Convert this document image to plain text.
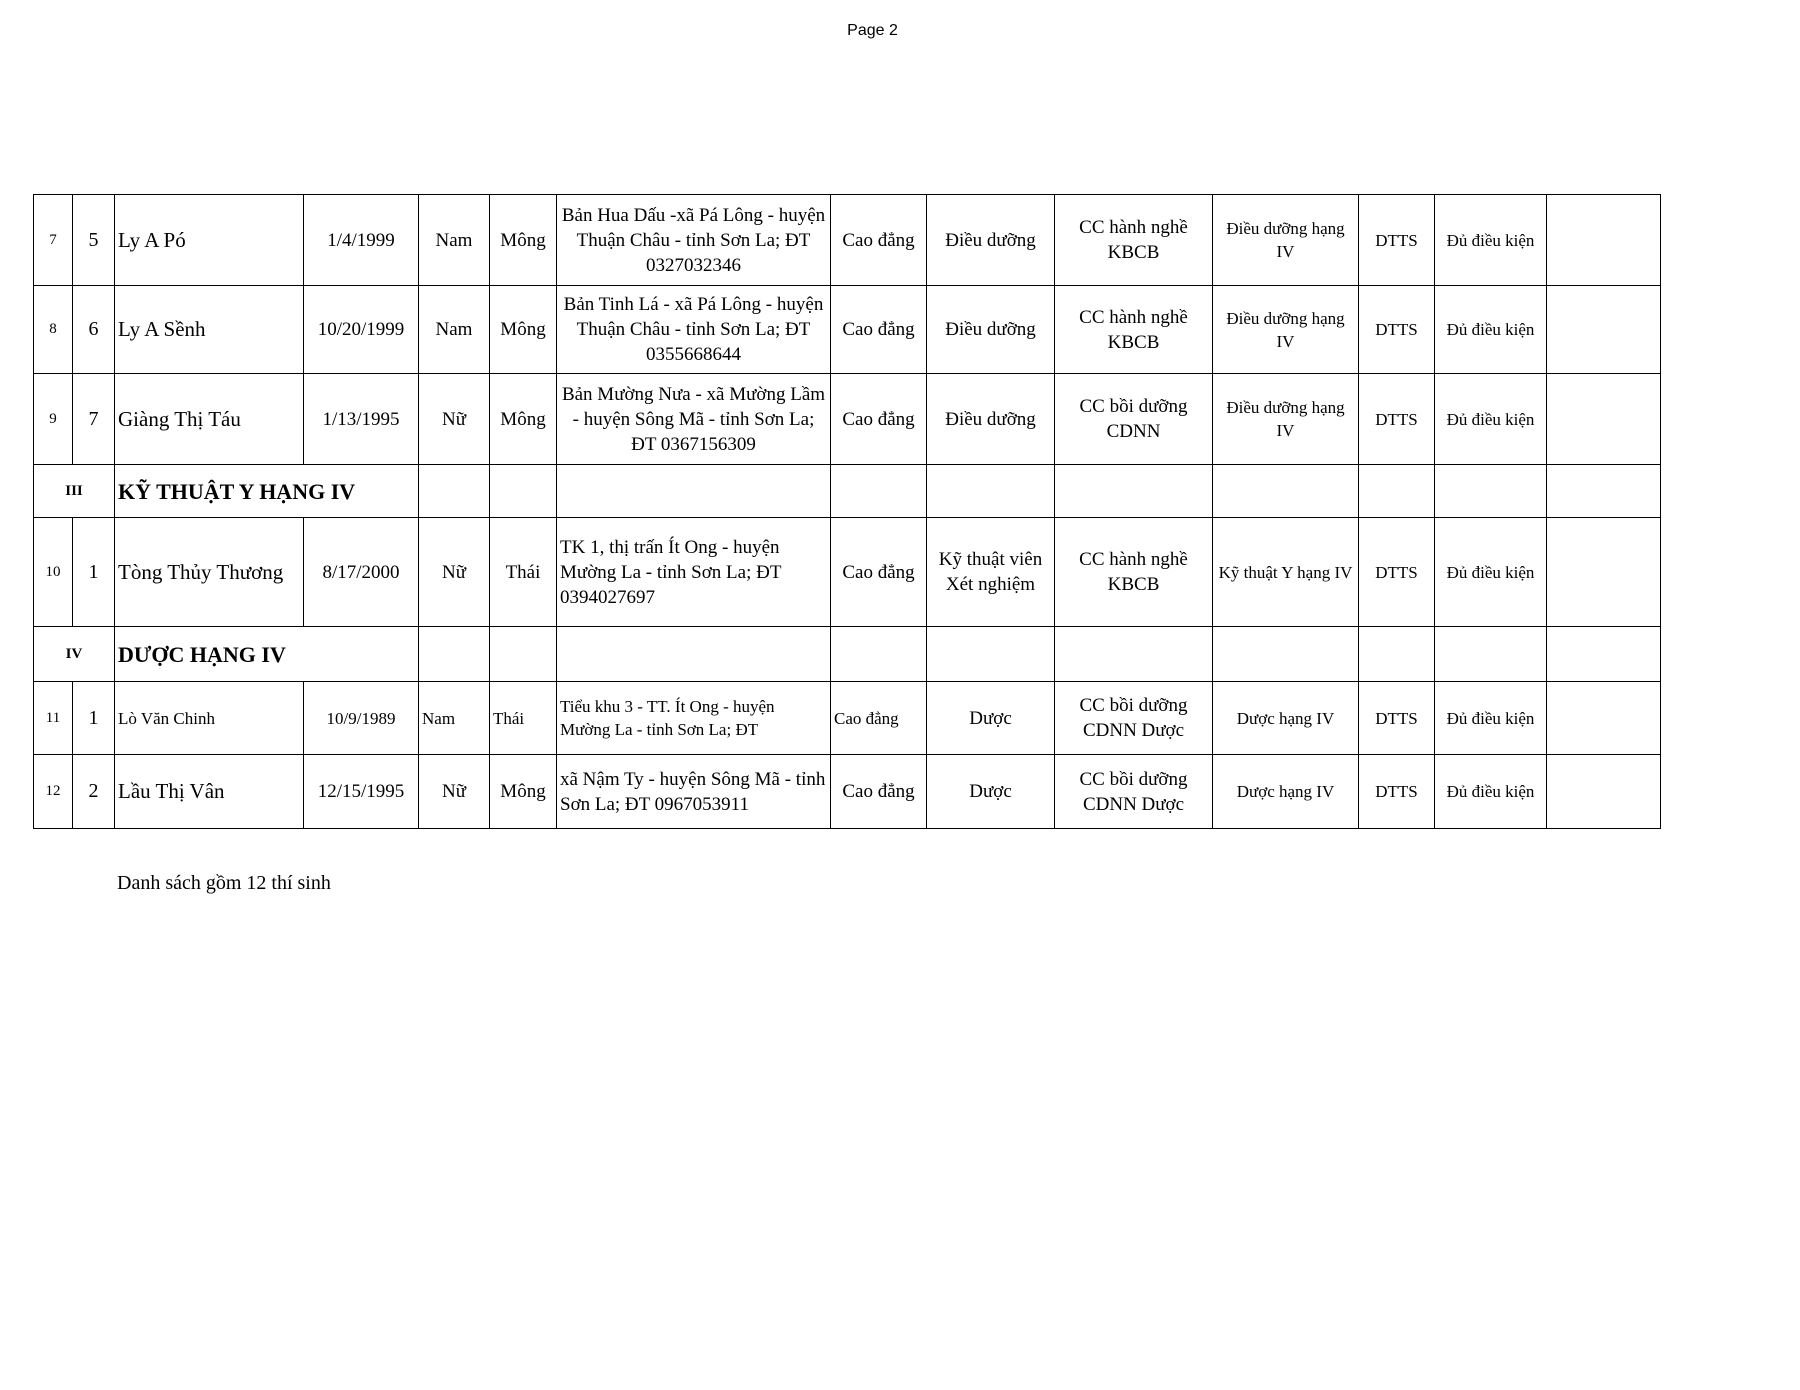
Page 2
7	5	Ly A Pó	1/4/1999	Nam	Mông	Bản Hua Dấu -xã Pá Lông - huyện Thuận Châu - tỉnh Sơn La; ĐT 0327032346	Cao đẳng	Điều dưỡng	CC hành nghề KBCB	Điều dưỡng hạng IV	DTTS	Đủ điều kiện	
8	6	Ly A Sềnh	10/20/1999	Nam	Mông	Bản Tinh Lá - xã Pá Lông - huyện Thuận Châu - tỉnh Sơn La; ĐT 0355668644	Cao đẳng	Điều dưỡng	CC hành nghề KBCB	Điều dưỡng hạng IV	DTTS	Đủ điều kiện	
9	7	Giàng Thị Táu	1/13/1995	Nữ	Mông	Bản Mường Nưa - xã Mường Lầm - huyện Sông Mã - tỉnh Sơn La; ĐT 0367156309	Cao đẳng	Điều dưỡng	CC bồi dưỡng CDNN	Điều dưỡng hạng IV	DTTS	Đủ điều kiện	
III		KỸ THUẬT Y HẠNG IV											
10	1	Tòng Thủy Thương	8/17/2000	Nữ	Thái	TK 1, thị trấn Ít Ong - huyện Mường La - tỉnh Sơn La; ĐT 0394027697	Cao đẳng	Kỹ thuật viên Xét nghiệm	CC hành nghề KBCB	Kỹ thuật Y hạng IV	DTTS	Đủ điều kiện	
IV		DƯỢC HẠNG IV											
11	1	Lò Văn Chinh	10/9/1989	Nam	Thái	Tiểu khu 3 - TT. Ít Ong - huyện Mường La - tỉnh Sơn La; ĐT	Cao đẳng	Dược	CC bồi dưỡng CDNN Dược	Dược hạng IV	DTTS	Đủ điều kiện	
12	2	Lầu Thị Vân	12/15/1995	Nữ	Mông	xã Nậm Ty - huyện Sông Mã - tỉnh Sơn La; ĐT 0967053911	Cao đẳng	Dược	CC bồi dưỡng CDNN Dược	Dược hạng IV	DTTS	Đủ điều kiện	
Danh sách gồm 12 thí sinh
